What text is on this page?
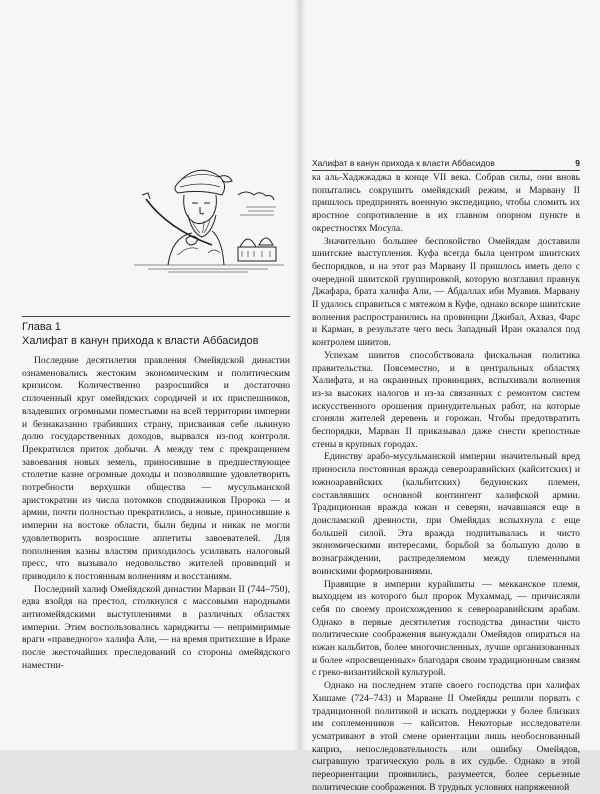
Глава 1
Халифат в канун прихода к власти Аббасидов

Последние десятилетия правления Омейядской династии ознаменовались жестоким экономическим и политическим кризисом. Количественно разросшийся и достаточно сплоченный круг омейядских сородичей и их приспешников, владевших огромными поместьями на всей территории империи и безнаказанно грабивших страну, присваивая себе львиную долю государственных доходов, вырвался из-под контроля. Прекратился приток добычи. А между тем с прекращением завоевания новых земель, приносившие в предшествующее столетие казне огромные доходы и позволявшие удовлетворить потребности верхушки общества — мусульманской аристократии из числа потомков сподвижников Пророка — и армии, почти полностью прекратились, а новые, приносившие к империи на востоке области, были бедны и никак не могли удовлетворить возросшие аппетиты завоевателей. Для пополнения казны властям приходилось усиливать налоговый пресс, что вызывало недовольство жителей провинций и приводило к постоянным волнениям и восстаниям.

Последний халиф Омейядской династии Марван II (744–750), едва взойдя на престол, столкнулся с массовыми народными антиомейядскими выступлениями в различных областях империи. Этим воспользовались хариджиты — непримиримые враги «праведного» халифа Али, — на время притихшие в Ираке после жесточайших преследований со стороны омейядского наместни-

Халифат в канун прихода к власти Аббасидов	9

ка аль-Хаджжаджа в конце VII века. Собрав силы, они вновь попытались сокрушить омейядский режим, и Марвану II пришлось предпринять военную экспедицию, чтобы сломить их яростное сопротивление в их главном опорном пункте в окрестностях Мосула.

Значительно большее беспокойство Омейядам доставили шиитские выступления. Куфа всегда была центром шиитских беспорядков, и на этот раз Марвану II пришлось иметь дело с очередной шиитской группировкой, которую возглавил правнук Джафара, брата халифа Али, — Абдаллах ибн Муавия. Марвану II удалось справиться с мятежом в Куфе, однако вскоре шиитские волнения распространились на провинции Джибал, Ахваз, Фарс и Карман, в результате чего весь Западный Иран оказался под контролем шиитов.

Успехам шиитов способствовала фискальная политика правительства. Повсеместно, и в центральных областях Халифата, и на окраинных провинциях, вспыхивали волнения из-за высоких налогов и из-за связанных с ремонтом систем искусственного орошения принудительных работ, на которые сгоняли жителей деревень и горожан. Чтобы предотвратить беспорядки, Марван II приказывал даже снести крепостные стены в крупных городах.

Единству арабо-мусульманской империи значительный вред приносила постоянная вражда североаравийских (кайситских) и южноаравийских (кальбитских) бедуинских племен, составлявших основной контингент халифской армии. Традиционная вражда южан и северян, начавшаяся еще в доисламской древности, при Омейядах вспыхнула с еще большей силой. Эта вражда подпитывалась и чисто экономическими интересами, борьбой за бо́льшую долю в вознаграждении, распределяемом между племенными воинскими формированиями.

Правящие в империи курайшиты — мекканское племя, выходцем из которого был пророк Мухаммад, — причисляли себя по своему происхождению к североаравийским арабам. Однако в первые десятилетия господства династии чисто политические соображения вынуждали Омейядов опираться на южан кальбитов, более многочисленных, лучше организованных и более «просвещенных» благодаря своим традиционным связям с греко-византийской культурой.

Однако на последнем этапе своего господства при халифах Хишаме (724–743) и Марване II Омейяды решили порвать с традиционной политикой и искать поддержки у более близких им соплеменников — кайситов. Некоторые исследователи усматривают в этой смене ориентации лишь необоснованный каприз, непоследовательность или ошибку Омейядов, сыгравшую трагическую роль в их судьбе. Однако в этой переориентации проявились, разумеется, более серьезные политические соображения. В трудных условиях напряженной
